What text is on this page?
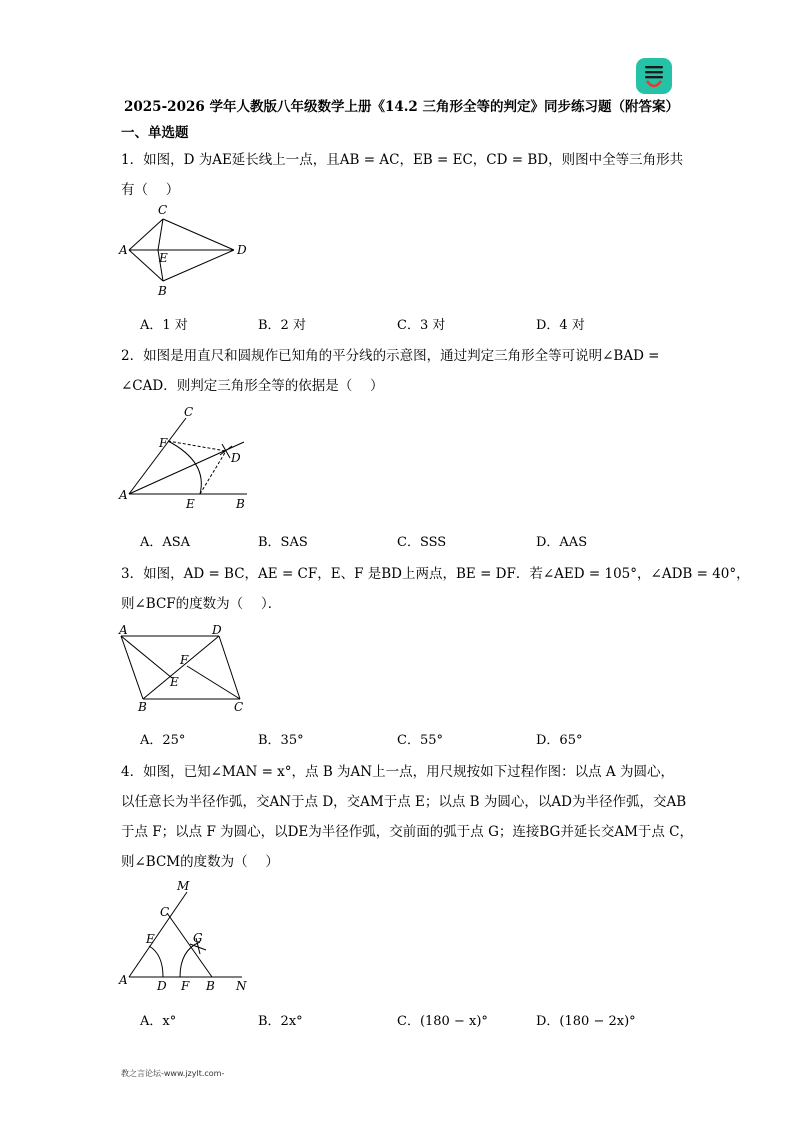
2025-2026 学年人教版八年级数学上册《14.2 三角形全等的判定》同步练习题（附答案）
一、单选题
1．如图，D 为AE延长线上一点，且AB = AC，EB = EC，CD = BD，则图中全等三角形共
有（　 ）
C
A
E
D
B
A．1 对	B．2 对	C．3 对	D．4 对
2．如图是用直尺和圆规作已知角的平分线的示意图，通过判定三角形全等可说明∠BAD =
∠CAD．则判定三角形全等的依据是（　 ）
C
F
D
A
E	B
A．ASA	B．SAS	C．SSS	D．AAS
3．如图，AD = BC，AE = CF，E、F 是BD上两点，BE = DF．若∠AED = 105°，∠ADB = 40°，
则∠BCF的度数为（　 ）．
A	D
F
E
B	C
A．25°	B．35°	C．55°	D．65°
4．如图，已知∠MAN = x°，点 B 为AN上一点，用尺规按如下过程作图：以点 A 为圆心，
以任意长为半径作弧，交AN于点 D，交AM于点 E；以点 B 为圆心，以AD为半径作弧，交AB
于点 F；以点 F 为圆心，以DE为半径作弧，交前面的弧于点 G；连接BG并延长交AM于点 C，
则∠BCM的度数为（　 ）
M
C
E	G
A D F B N
A．x°	B．2x°	C．(180 − x)°	D．(180 − 2x)°
教之言论坛-www.jzylt.com-
